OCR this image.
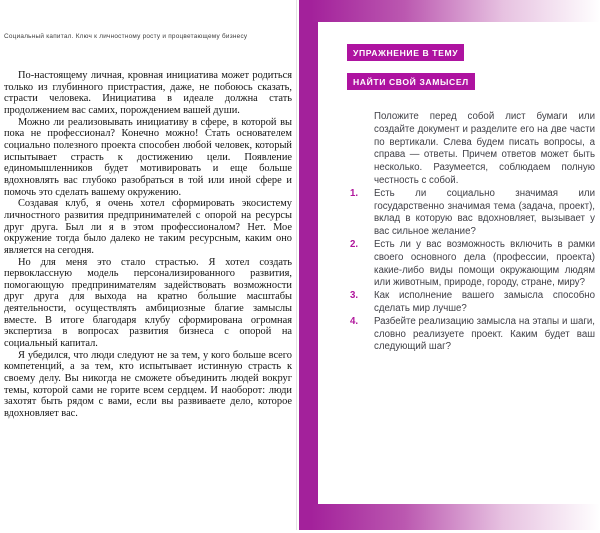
Социальный капитал. Ключ к личностному росту и процветающему бизнесу

По-настоящему личная, кровная инициатива может родиться только из глубинного пристрастия, даже, не побоюсь сказать, страсти человека. Инициатива в идеале должна стать продолжением вас самих, порождением вашей души.

Можно ли реализовывать инициативу в сфере, в которой вы пока не профессионал? Конечно можно! Стать основателем социально полезного проекта способен любой человек, который испытывает страсть к достижению цели. Появление единомышленников будет мотивировать и еще больше вдохновлять вас глубоко разобраться в той или иной сфере и помочь это сделать вашему окружению.

Создавая клуб, я очень хотел сформировать экосистему личностного развития предпринимателей с опорой на ресурсы друг друга. Был ли я в этом профессионалом? Нет. Мое окружение тогда было далеко не таким ресурсным, каким оно является на сегодня.

Но для меня это стало страстью. Я хотел создать первоклассную модель персонализированного развития, помогающую предпринимателям задействовать возможности друг друга для выхода на кратно бо́льшие масштабы деятельности, осуществлять амбициозные благие замыслы вместе. В итоге благодаря клубу сформирована огромная экспертиза в вопросах развития бизнеса с опорой на социальный капитал.

Я убедился, что люди следуют не за тем, у кого больше всего компетенций, а за тем, кто испытывает истинную страсть к своему делу. Вы никогда не сможете объединить людей вокруг темы, которой сами не горите всем сердцем. И наоборот: люди захотят быть рядом с вами, если вы развиваете дело, которое вдохновляет вас.

УПРАЖНЕНИЕ В ТЕМУ
НАЙТИ СВОЙ ЗАМЫСЕЛ

Положите перед собой лист бумаги или создайте документ и разделите его на две части по вертикали. Слева будем писать вопросы, а справа — ответы. Причем ответов может быть несколько. Разумеется, соблюдаем полную честность с собой.

1. Есть ли социально значимая или государственно значимая тема (задача, проект), вклад в которую вас вдохновляет, вызывает у вас сильное желание?
2. Есть ли у вас возможность включить в рамки своего основного дела (профессии, проекта) какие-либо виды помощи окружающим людям или животным, природе, городу, стране, миру?
3. Как исполнение вашего замысла способно сделать мир лучше?
4. Разбейте реализацию замысла на этапы и шаги, словно реализуете проект. Каким будет ваш следующий шаг?
